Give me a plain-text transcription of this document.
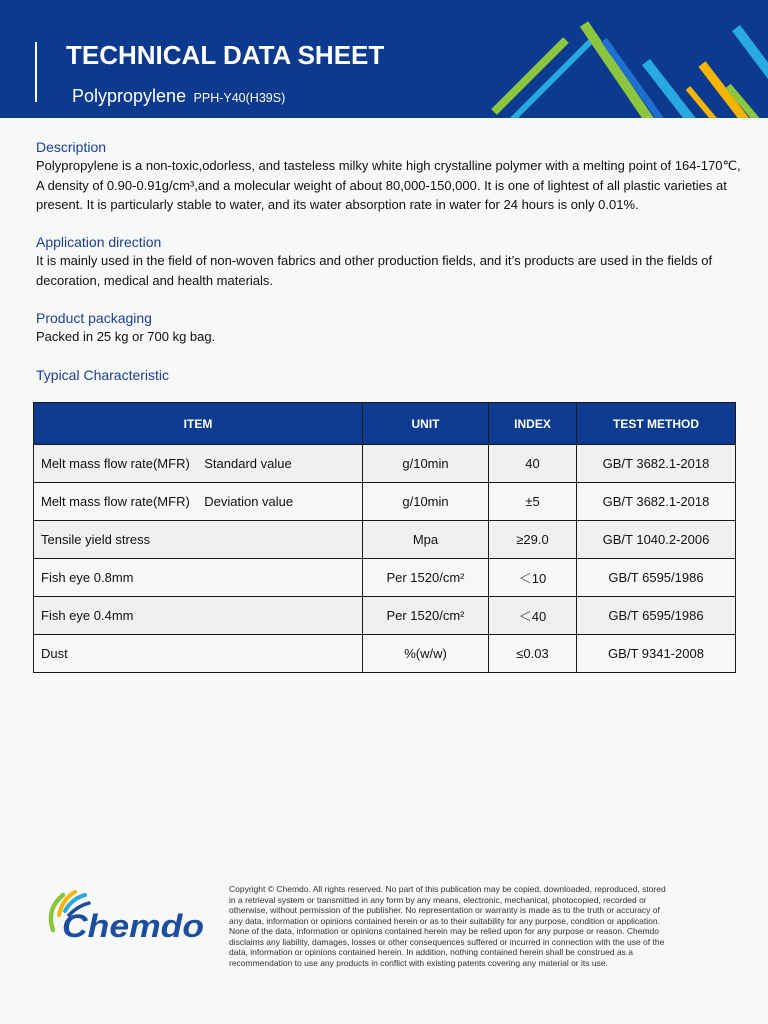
TECHNICAL DATA SHEET
Polypropylene PPH-Y40(H39S)
Description
Polypropylene is a non-toxic,odorless, and tasteless milky white high crystalline polymer with a melting point of 164-170℃,
A density of 0.90-0.91g/cm³,and a molecular weight of about 80,000-150,000. It is one of lightest of all plastic varieties at
present. It is particularly stable to water, and its water absorption rate in water for 24 hours is only 0.01%.
Application direction
It is mainly used in the field of non-woven fabrics and other production fields, and it’s products are used in the fields of
decoration, medical and health materials.
Product packaging
Packed in 25 kg or 700 kg bag.
Typical Characteristic
ITEM	UNIT	INDEX	TEST METHOD
Melt mass flow rate(MFR)    Standard value	g/10min	40	GB/T 3682.1-2018
Melt mass flow rate(MFR)    Deviation value	g/10min	±5	GB/T 3682.1-2018
Tensile yield stress	Mpa	≥29.0	GB/T 1040.2-2006
Fish eye 0.8mm	Per 1520/cm²	＜10	GB/T 6595/1986
Fish eye 0.4mm	Per 1520/cm²	＜40	GB/T 6595/1986
Dust	%(w/w)	≤0.03	GB/T 9341-2008
Chemdo
Copyright © Chemdo. All rights reserved. No part of this publication may be copied, downloaded, reproduced, stored
in a retrieval system or transmitted in any form by any means, electronic, mechanical, photocopied, recorded or
otherwise, without permission of the publisher. No representation or warranty is made as to the truth or accuracy of
any data, information or opinions contained herein or as to their suitability for any purpose, condition or application.
None of the data, information or opinions contained herein may be relied upon for any purpose or reason. Chemdo
disclaims any liability, damages, losses or other consequences suffered or incurred in connection with the use of the
data, information or opinions contained herein. In addition, nothing contained herein shall be construed as a
recommendation to use any products in conflict with existing patents covering any material or its use.
